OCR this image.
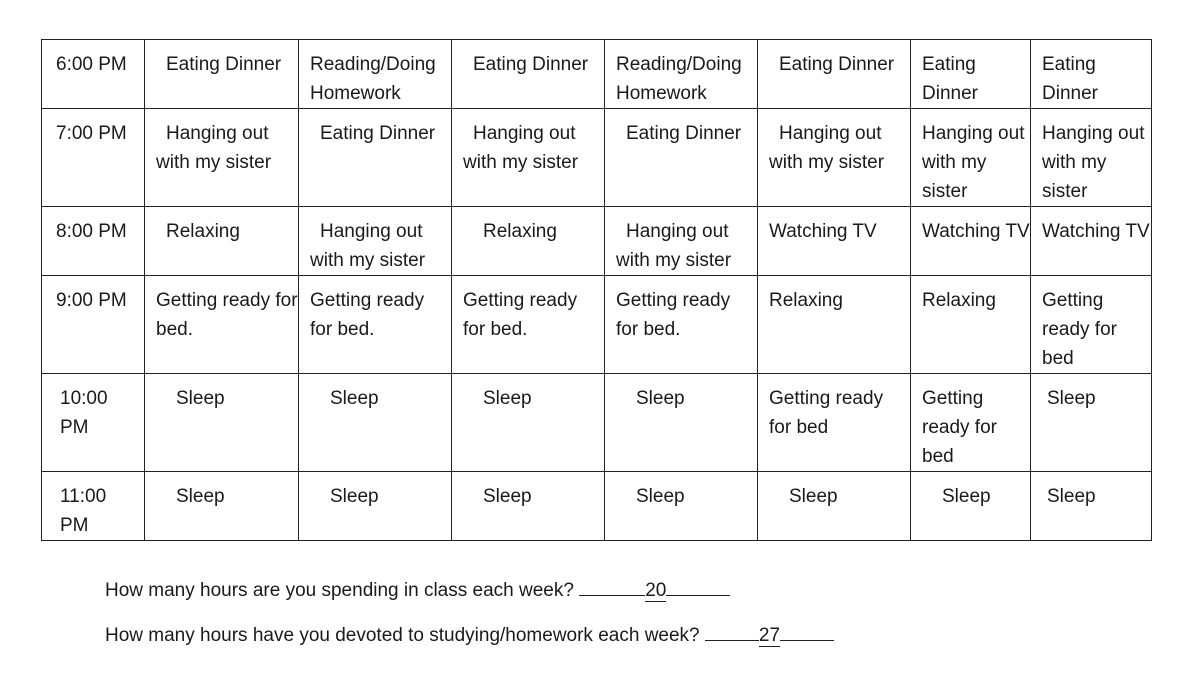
6:00 PM	Eating Dinner	Reading/Doing Homework	Eating Dinner	Reading/Doing Homework	Eating Dinner	Eating Dinner	Eating Dinner
7:00 PM	Hanging out with my sister	Eating Dinner	Hanging out with my sister	Eating Dinner	Hanging out with my sister	Hanging out with my sister	Hanging out with my sister
8:00 PM	Relaxing	Hanging out with my sister	Relaxing	Hanging out with my sister	Watching TV	Watching TV	Watching TV
9:00 PM	Getting ready for bed.	Getting ready for bed.	Getting ready for bed.	Getting ready for bed.	Relaxing	Relaxing	Getting ready for bed
10:00 PM	Sleep	Sleep	Sleep	Sleep	Getting ready for bed	Getting ready for bed	Sleep
11:00 PM	Sleep	Sleep	Sleep	Sleep	Sleep	Sleep	Sleep
How many hours are you spending in class each week?	20
How many hours have you devoted to studying/homework each week?	27
